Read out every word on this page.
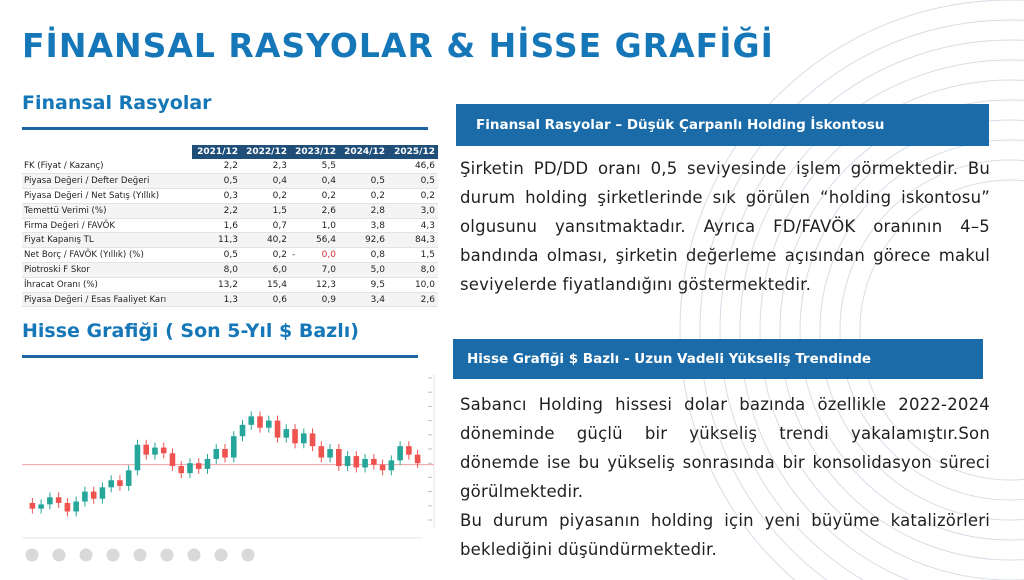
FİNANSAL RASYOLAR & HİSSE GRAFİĞİ
Finansal Rasyolar
	2021/12	2022/12	2023/12	2024/12	2025/12
FK (Fiyat / Kazanç)	2,2	2,3	5,5		46,6
Piyasa Değeri / Defter Değeri	0,5	0,4	0,4	0,5	0,5
Piyasa Değeri / Net Satış (Yıllık)	0,3	0,2	0,2	0,2	0,2
Temettü Verimi (%)	2,2	1,5	2,6	2,8	3,0
Firma Değeri / FAVÖK	1,6	0,7	1,0	3,8	4,3
Fiyat Kapanış TL	11,3	40,2	56,4	92,6	84,3
Net Borç / FAVÖK (Yıllık) (%)	0,5	0,2	- 0,0	0,8	1,5
Piotroski F Skor	8,0	6,0	7,0	5,0	8,0
İhracat Oranı (%)	13,2	15,4	12,3	9,5	10,0
Piyasa Değeri / Esas Faaliyet Karı	1,3	0,6	0,9	3,4	2,6
Hisse Grafiği ( Son 5-Yıl $ Bazlı)
Finansal Rasyolar – Düşük Çarpanlı Holding İskontosu
Şirketin PD/DD oranı 0,5 seviyesinde işlem görmektedir. Bu durum holding şirketlerinde sık görülen “holding iskontosu” olgusunu yansıtmaktadır. Ayrıca FD/FAVÖK oranının 4–5 bandında olması, şirketin değerleme açısından görece makul seviyelerde fiyatlandığını göstermektedir.
Hisse Grafiği $ Bazlı - Uzun Vadeli Yükseliş Trendinde
Sabancı Holding hissesi dolar bazında özellikle 2022-2024 döneminde güçlü bir yükseliş trendi yakalamıştır.Son dönemde ise bu yükseliş sonrasında bir konsolidasyon süreci görülmektedir.
Bu durum piyasanın holding için yeni büyüme katalizörleri beklediğini düşündürmektedir.
